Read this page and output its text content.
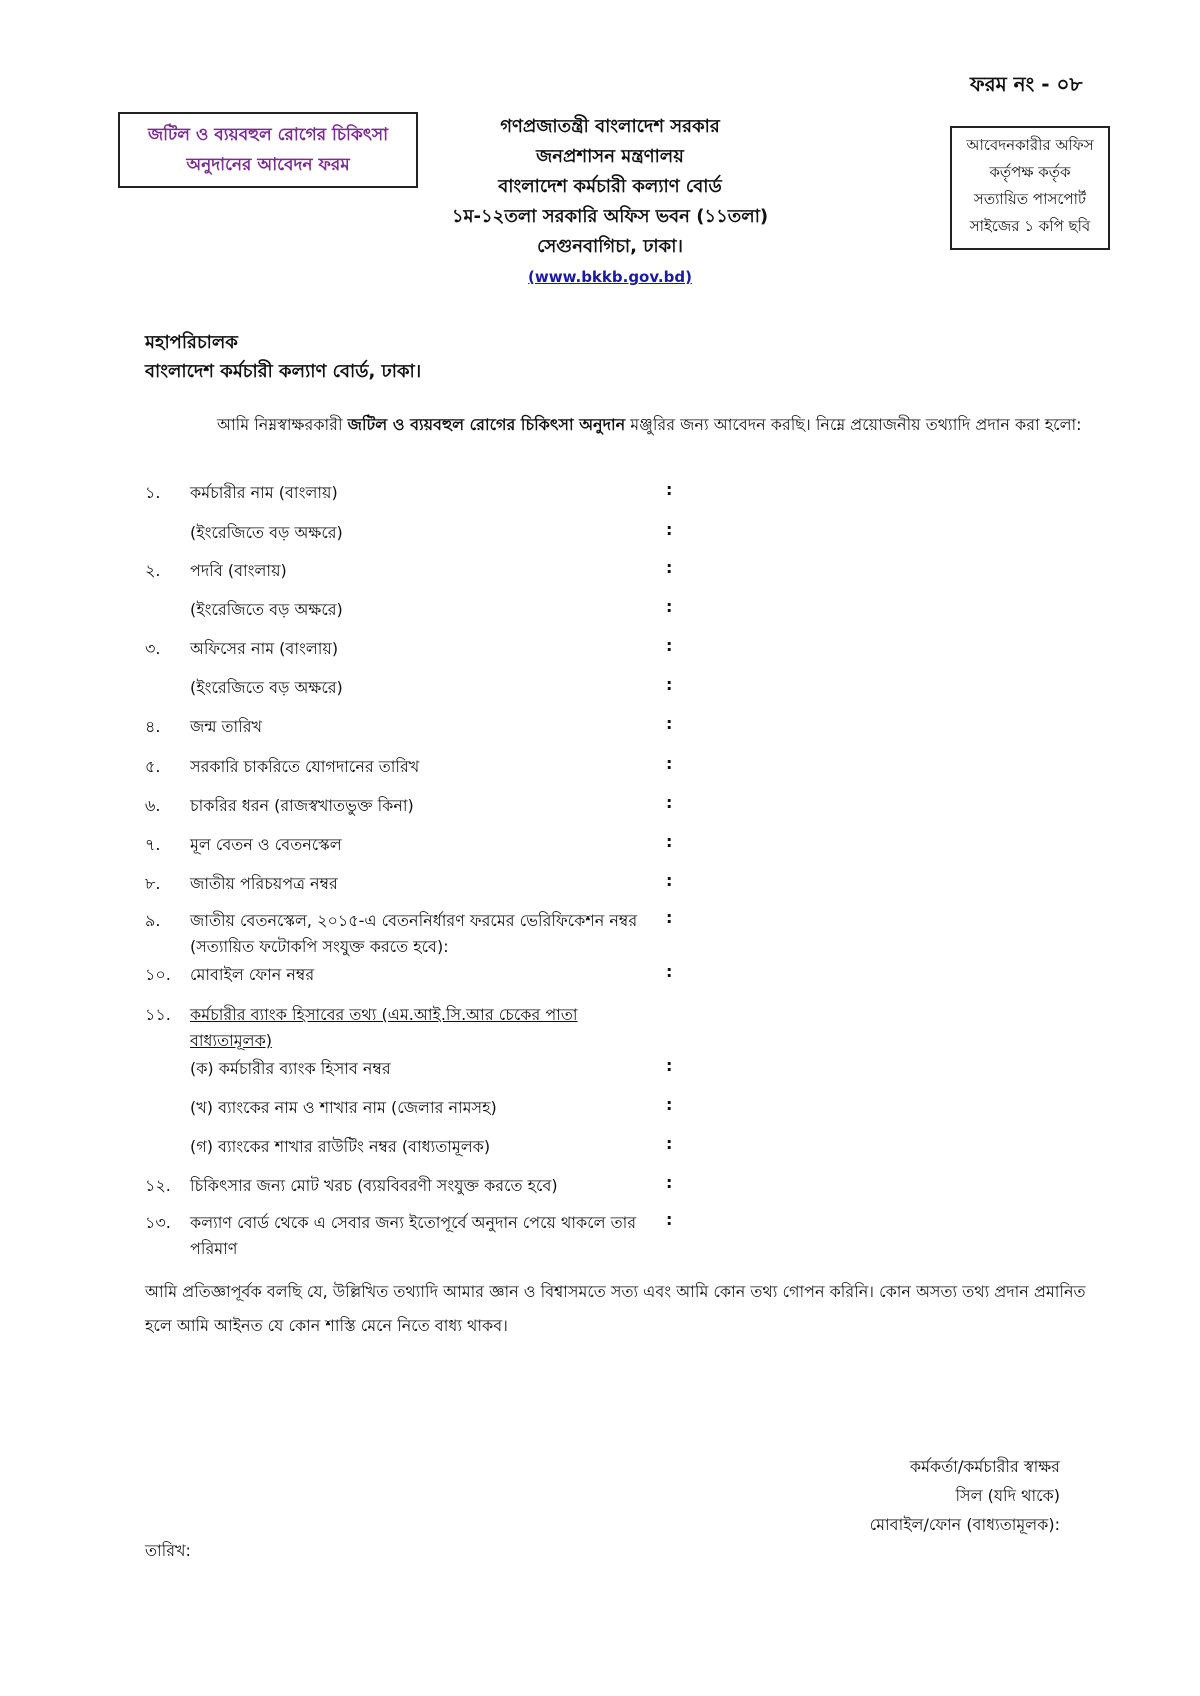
ফরম নং - ০৮
জটিল ও ব্যয়বহুল রোগের চিকিৎসা
অনুদানের আবেদন ফরম
গণপ্রজাতন্ত্রী বাংলাদেশ সরকার
জনপ্রশাসন মন্ত্রণালয়
বাংলাদেশ কর্মচারী কল্যাণ বোর্ড
১ম-১২তলা সরকারি অফিস ভবন (১১তলা)
সেগুনবাগিচা, ঢাকা।
(www.bkkb.gov.bd)
আবেদনকারীর অফিস
কর্তৃপক্ষ কর্তৃক
সত্যায়িত পাসপোর্ট
সাইজের ১ কপি ছবি
মহাপরিচালক
বাংলাদেশ কর্মচারী কল্যাণ বোর্ড, ঢাকা।
আমি নিম্নস্বাক্ষরকারী জটিল ও ব্যয়বহুল রোগের চিকিৎসা অনুদান মঞ্জুরির জন্য আবেদন করছি। নিম্নে প্রয়োজনীয় তথ্যাদি প্রদান করা হলো:
১. কর্মচারীর নাম (বাংলায়)	:
(ইংরেজিতে বড় অক্ষরে)	:
২. পদবি (বাংলায়)	:
(ইংরেজিতে বড় অক্ষরে)	:
৩. অফিসের নাম (বাংলায়)	:
(ইংরেজিতে বড় অক্ষরে)	:
৪. জন্ম তারিখ	:
৫. সরকারি চাকরিতে যোগদানের তারিখ	:
৬. চাকরির ধরন (রাজস্বখাতভুক্ত কিনা)	:
৭. মূল বেতন ও বেতনস্কেল	:
৮. জাতীয় পরিচয়পত্র নম্বর	:
৯. জাতীয় বেতনস্কেল, ২০১৫-এ বেতননির্ধারণ ফরমের ভেরিফিকেশন নম্বর (সত্যায়িত ফটোকপি সংযুক্ত করতে হবে):
:
১০. মোবাইল ফোন নম্বর	:
১১. কর্মচারীর ব্যাংক হিসাবের তথ্য (এম.আই.সি.আর চেকের পাতা বাধ্যতামূলক)
(ক) কর্মচারীর ব্যাংক হিসাব নম্বর	:
(খ) ব্যাংকের নাম ও শাখার নাম (জেলার নামসহ)	:
(গ) ব্যাংকের শাখার রাউটিং নম্বর (বাধ্যতামূলক)	:
১২. চিকিৎসার জন্য মোট খরচ (ব্যয়বিবরণী সংযুক্ত করতে হবে)	:
১৩. কল্যাণ বোর্ড থেকে এ সেবার জন্য ইতোপূর্বে অনুদান পেয়ে থাকলে তার পরিমাণ
:
আমি প্রতিজ্ঞাপূর্বক বলছি যে, উল্লিখিত তথ্যাদি আমার জ্ঞান ও বিশ্বাসমতে সত্য এবং আমি কোন তথ্য গোপন করিনি। কোন অসত্য তথ্য প্রদান প্রমানিত হলে আমি আইনত যে কোন শাস্তি মেনে নিতে বাধ্য থাকব।
কর্মকর্তা/কর্মচারীর স্বাক্ষর
সিল (যদি থাকে)
মোবাইল/ফোন (বাধ্যতামূলক):
তারিখ:
